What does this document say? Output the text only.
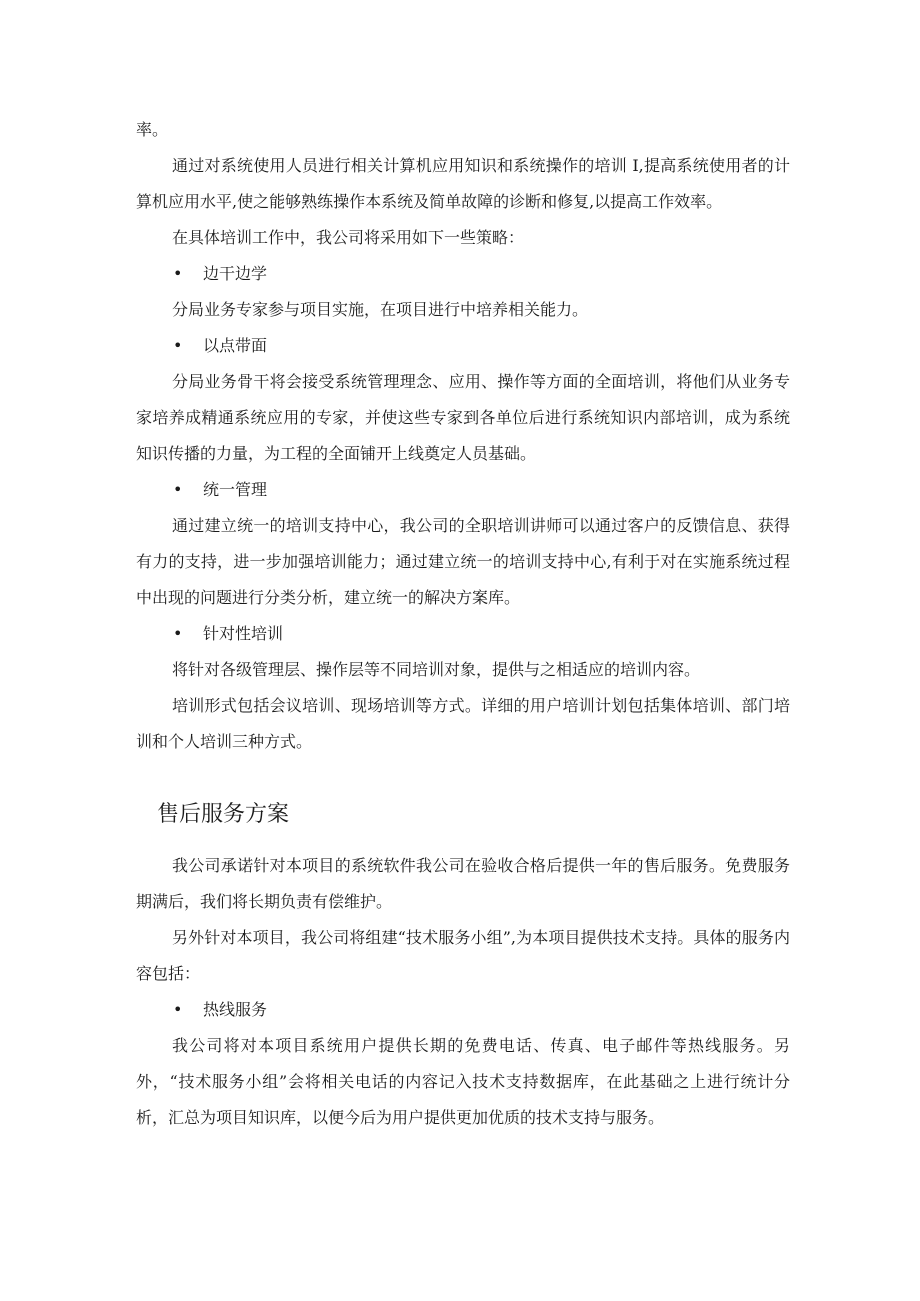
率。

通过对系统使用人员进行相关计算机应用知识和系统操作的培训 I,提高系统使用者的计算机应用水平,使之能够熟练操作本系统及简单故障的诊断和修复,以提高工作效率。

在具体培训工作中，我公司将采用如下一些策略：

• 边干边学

分局业务专家参与项目实施，在项目进行中培养相关能力。

• 以点带面

分局业务骨干将会接受系统管理理念、应用、操作等方面的全面培训，将他们从业务专家培养成精通系统应用的专家，并使这些专家到各单位后进行系统知识内部培训，成为系统知识传播的力量，为工程的全面铺开上线奠定人员基础。

• 统一管理

通过建立统一的培训支持中心，我公司的全职培训讲师可以通过客户的反馈信息、获得有力的支持，进一步加强培训能力；通过建立统一的培训支持中心,有利于对在实施系统过程中出现的问题进行分类分析，建立统一的解决方案库。

• 针对性培训

将针对各级管理层、操作层等不同培训对象，提供与之相适应的培训内容。

培训形式包括会议培训、现场培训等方式。详细的用户培训计划包括集体培训、部门培训和个人培训三种方式。

售后服务方案

我公司承诺针对本项目的系统软件我公司在验收合格后提供一年的售后服务。免费服务期满后，我们将长期负责有偿维护。

另外针对本项目，我公司将组建“技术服务小组”,为本项目提供技术支持。具体的服务内容包括：

• 热线服务

我公司将对本项目系统用户提供长期的免费电话、传真、电子邮件等热线服务。另外，“技术服务小组”会将相关电话的内容记入技术支持数据库，在此基础之上进行统计分析，汇总为项目知识库，以便今后为用户提供更加优质的技术支持与服务。
